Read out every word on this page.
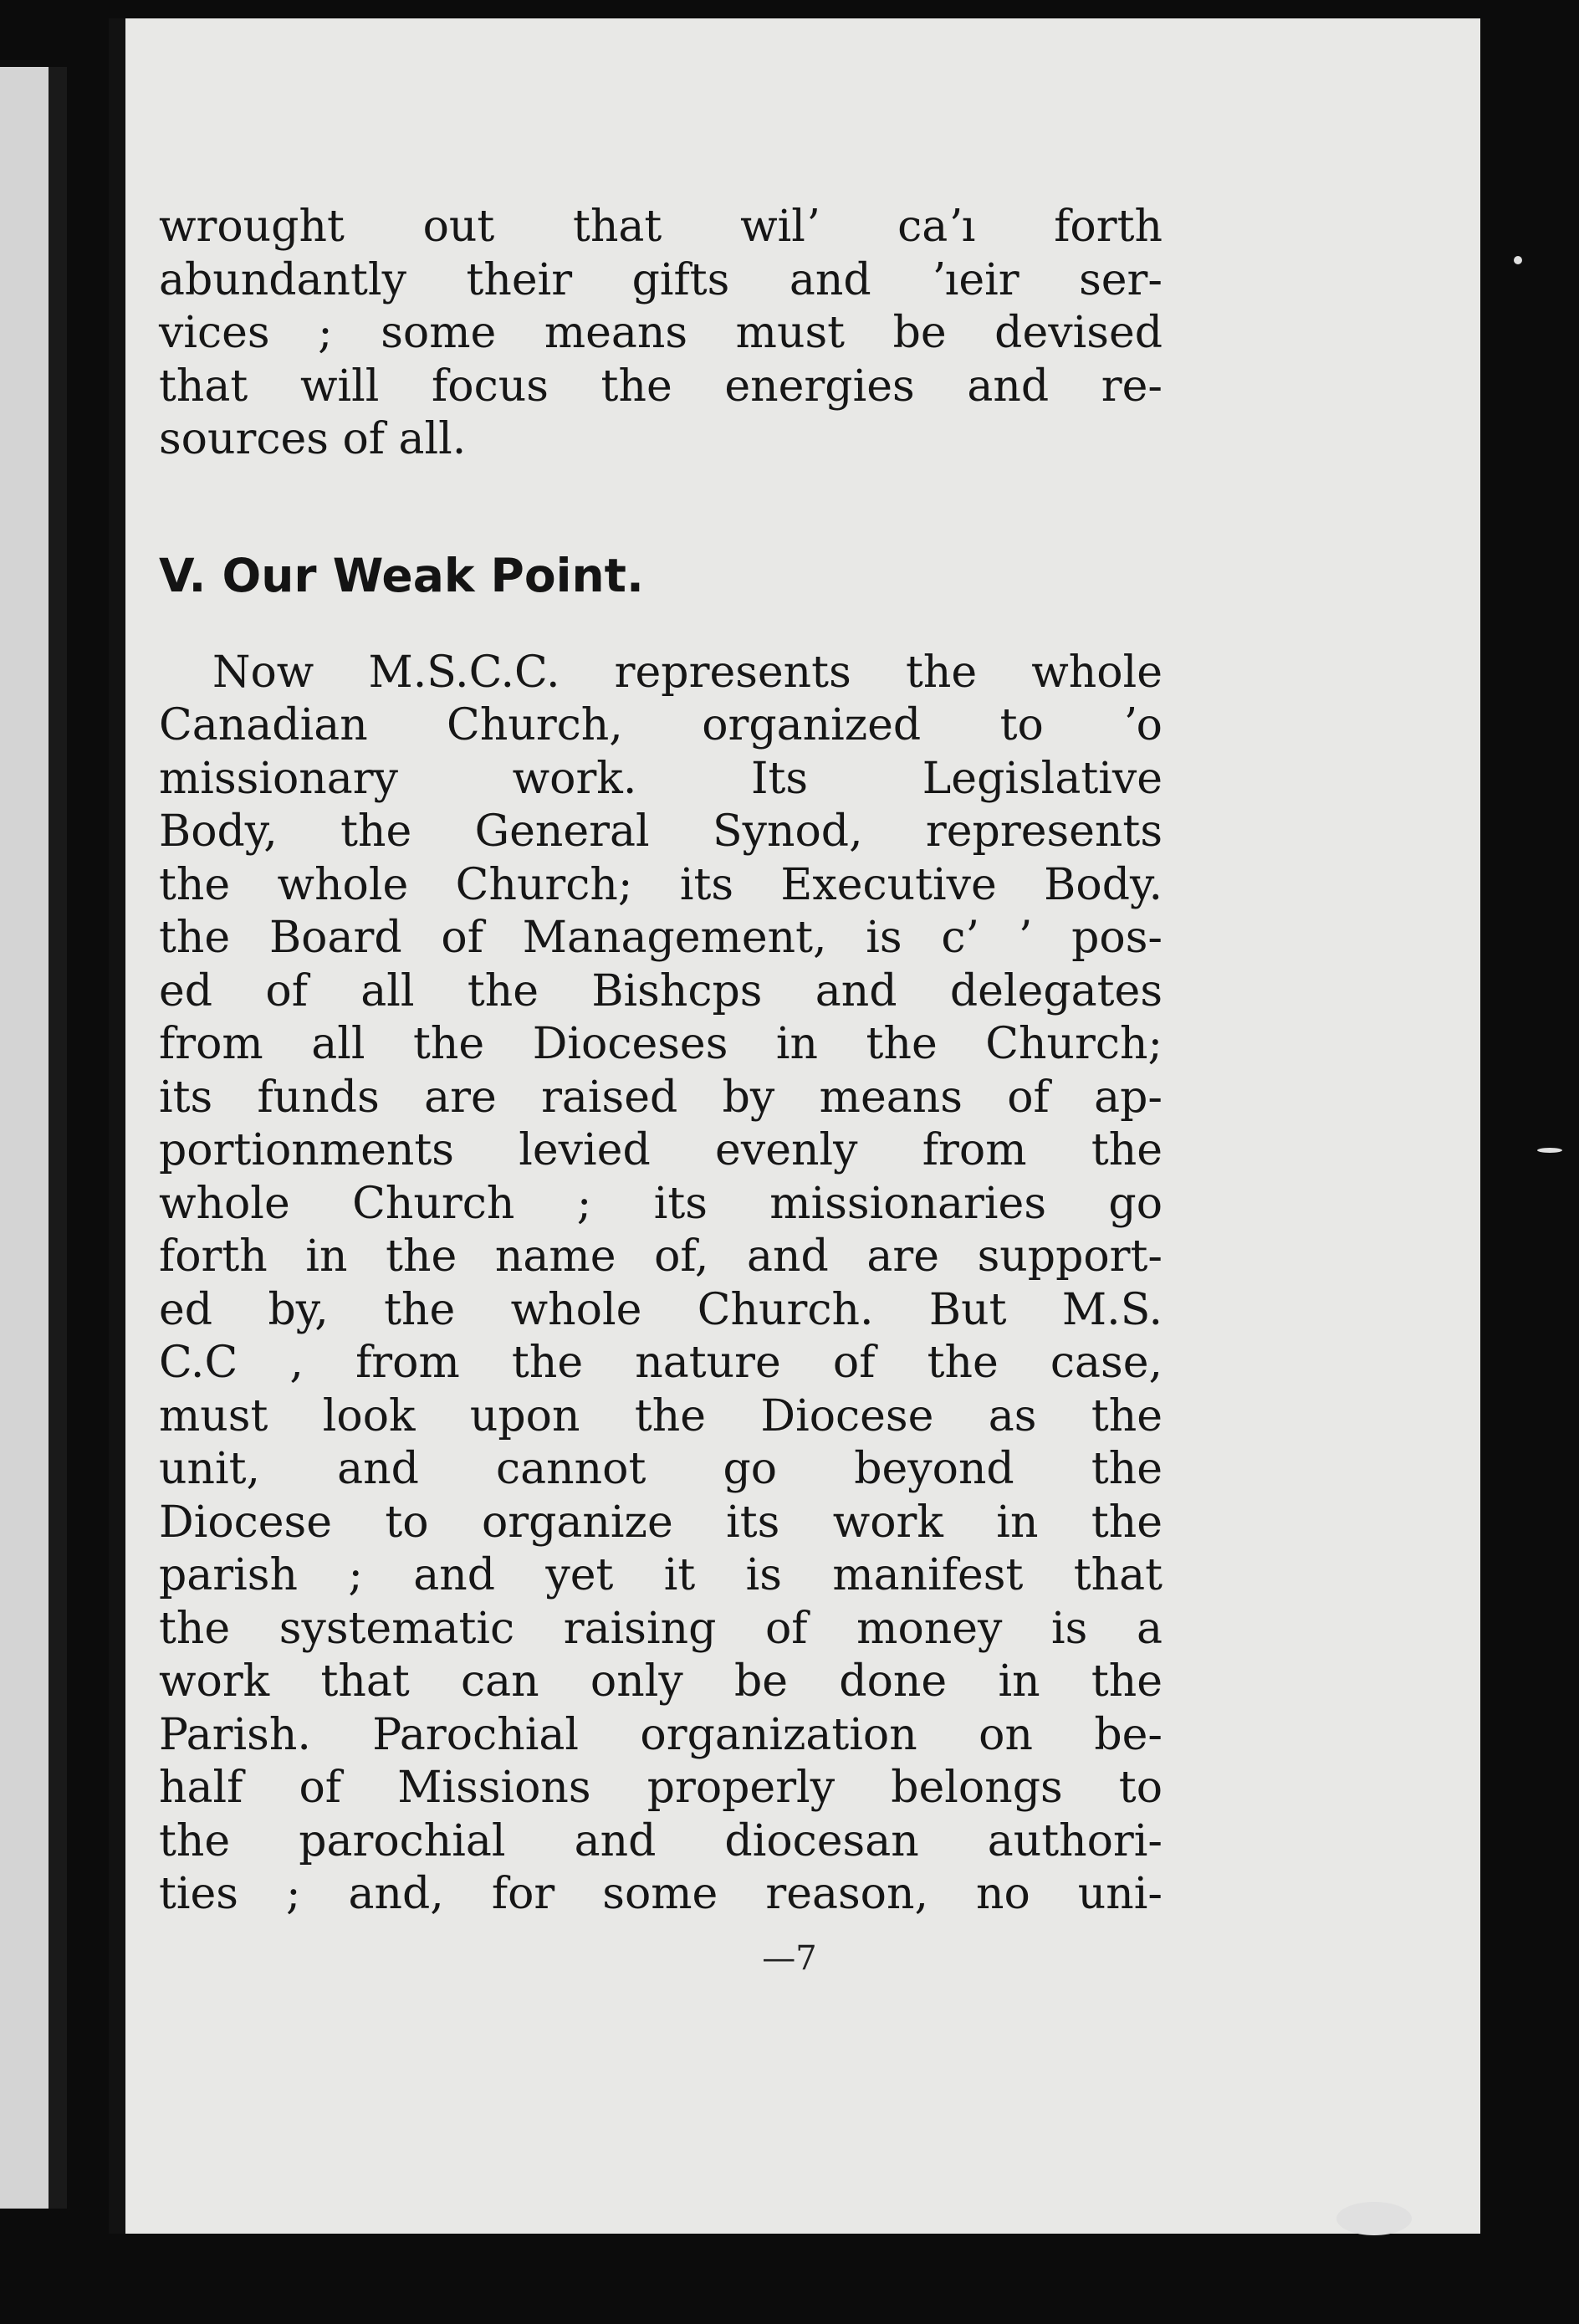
wrought out that wilʼ caʼı forth
abundantly their gifts and ʼıeir ser-
vices ; some means must be devised
that will focus the energies and re-
sources of all.
V. Our Weak Point.
Now M.S.C.C. represents the whole
Canadian Church, organized to ʼo
missionary work. Its Legislative
Body, the General Synod, represents
the whole Church; its Executive Body.
the Board of Management, is c’ ’ pos-
ed of all the Bishcps and delegates
from all the Dioceses in the Church;
its funds are raised by means of ap-
portionments levied evenly from the
whole Church ; its missionaries go
forth in the name of, and are support-
ed by, the whole Church. But M.S.
C.C , from the nature of the case,
must look upon the Diocese as the
unit, and cannot go beyond the
Diocese to organize its work in the
parish ; and yet it is manifest that
the systematic raising of money is a
work that can only be done in the
Parish. Parochial organization on be-
half of Missions properly belongs to
the parochial and diocesan authori-
ties ; and, for some reason, no uni-
—7
